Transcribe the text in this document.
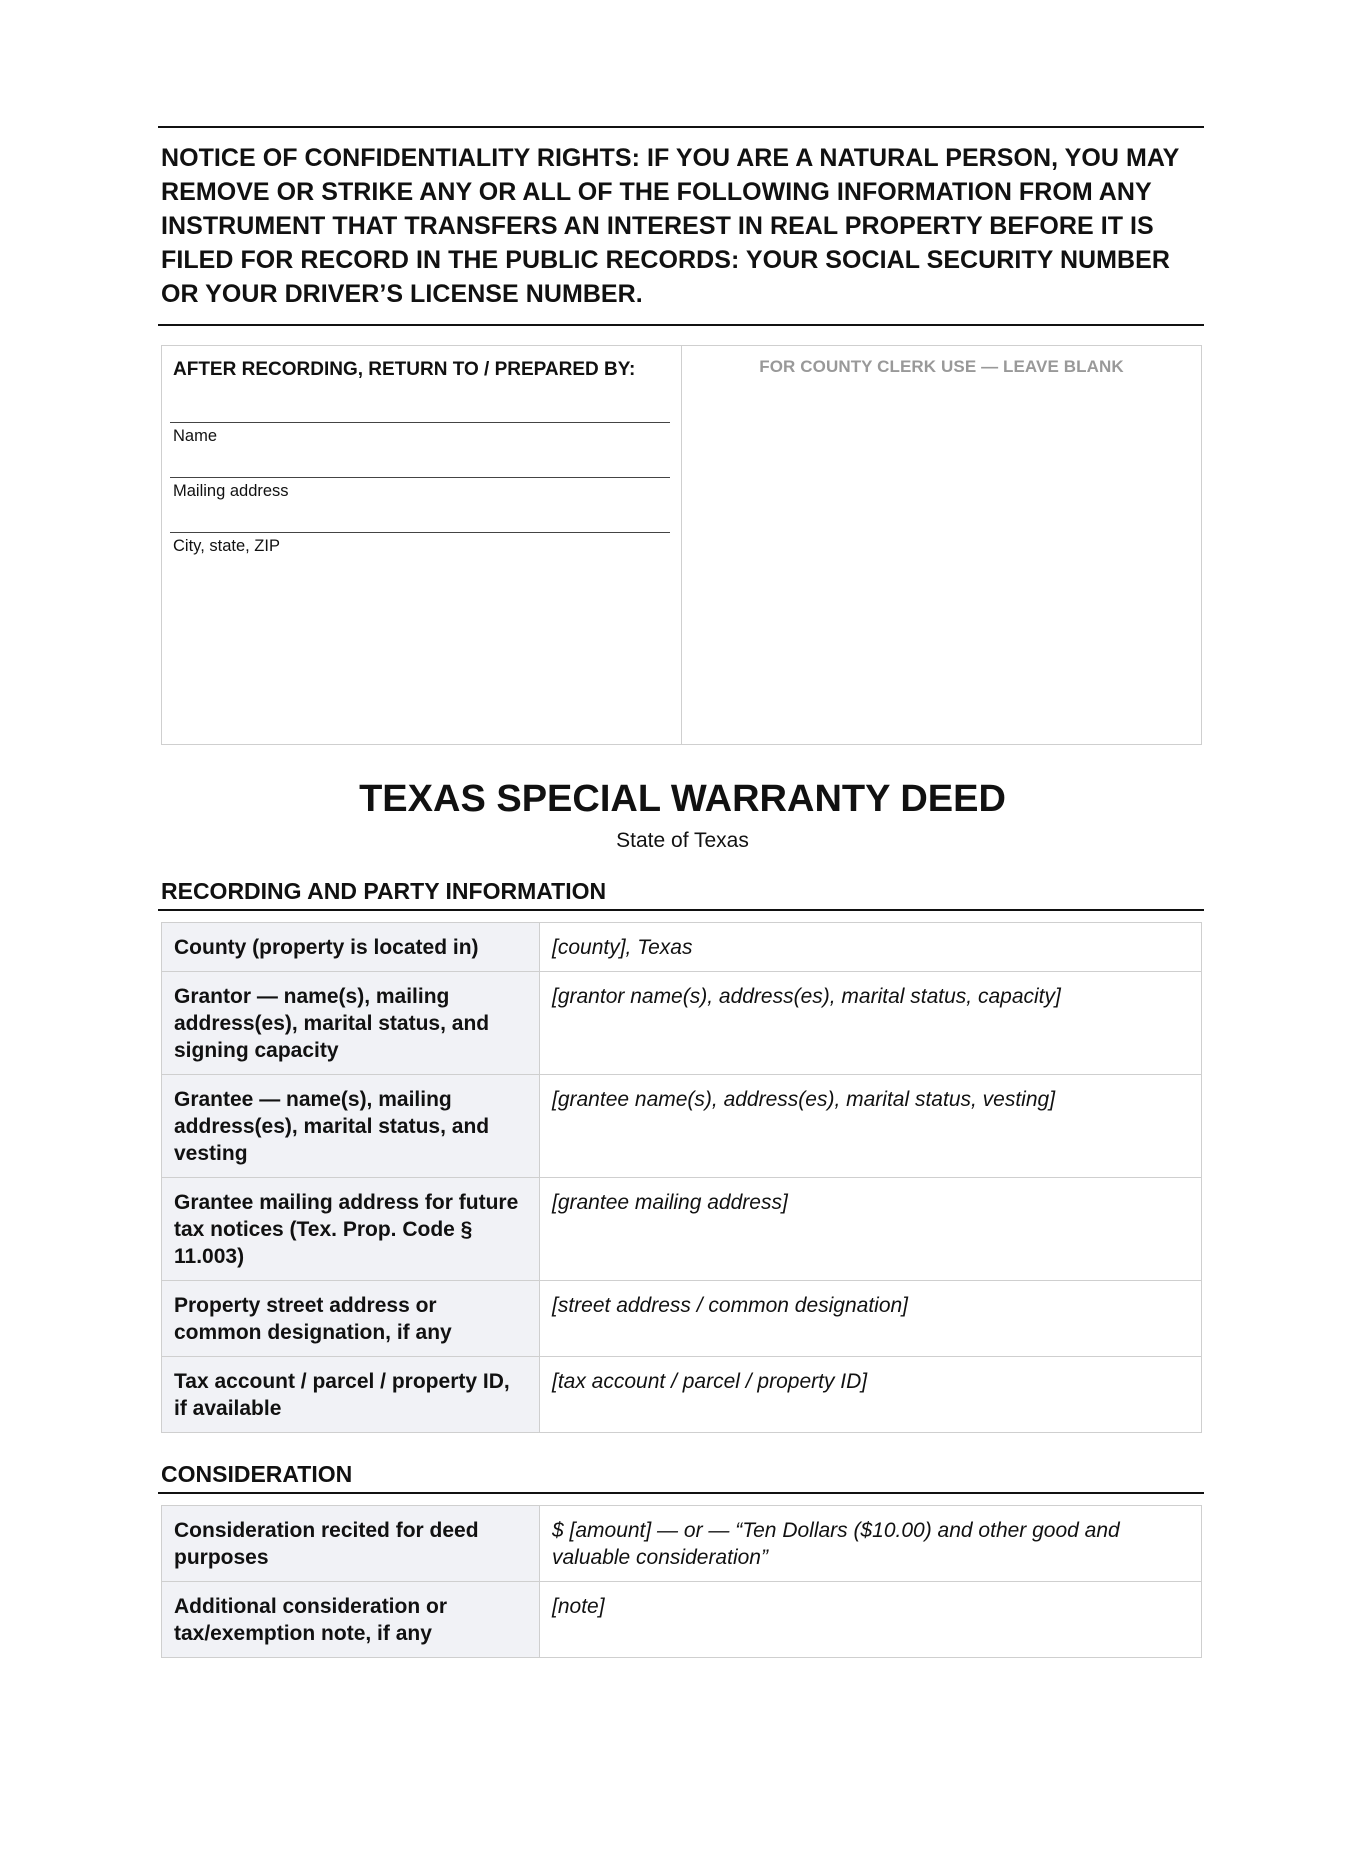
NOTICE OF CONFIDENTIALITY RIGHTS: IF YOU ARE A NATURAL PERSON, YOU MAY REMOVE OR STRIKE ANY OR ALL OF THE FOLLOWING INFORMATION FROM ANY INSTRUMENT THAT TRANSFERS AN INTEREST IN REAL PROPERTY BEFORE IT IS FILED FOR RECORD IN THE PUBLIC RECORDS: YOUR SOCIAL SECURITY NUMBER OR YOUR DRIVER’S LICENSE NUMBER.
AFTER RECORDING, RETURN TO / PREPARED BY:
Name
Mailing address
City, state, ZIP
FOR COUNTY CLERK USE — LEAVE BLANK
TEXAS SPECIAL WARRANTY DEED
State of Texas
RECORDING AND PARTY INFORMATION
County (property is located in)	[county], Texas
Grantor — name(s), mailing address(es), marital status, and signing capacity	[grantor name(s), address(es), marital status, capacity]
Grantee — name(s), mailing address(es), marital status, and vesting	[grantee name(s), address(es), marital status, vesting]
Grantee mailing address for future tax notices (Tex. Prop. Code § 11.003)	[grantee mailing address]
Property street address or common designation, if any	[street address / common designation]
Tax account / parcel / property ID, if available	[tax account / parcel / property ID]
CONSIDERATION
Consideration recited for deed purposes	$ [amount] — or — “Ten Dollars ($10.00) and other good and valuable consideration”
Additional consideration or tax/exemption note, if any	[note]
